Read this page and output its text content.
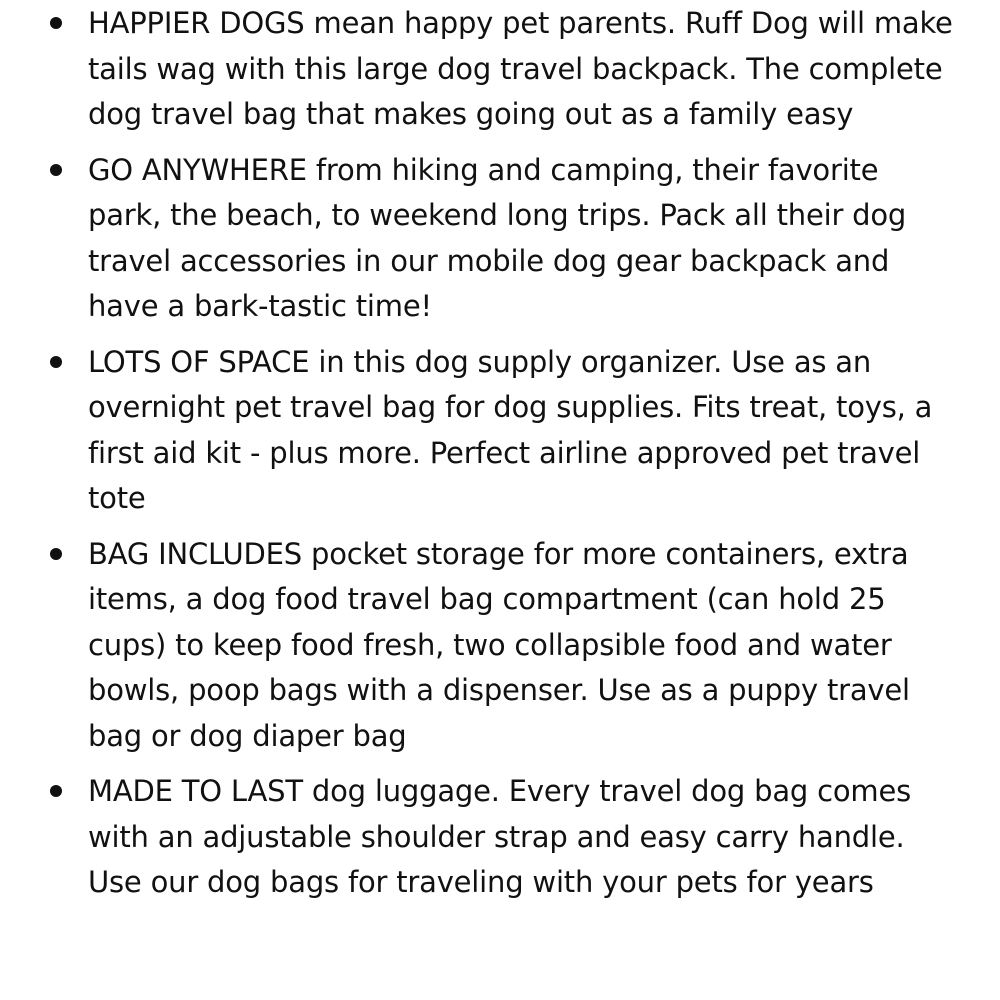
HAPPIER DOGS mean happy pet parents. Ruff Dog will make tails wag with this large dog travel backpack. The complete dog travel bag that makes going out as a family easy
GO ANYWHERE from hiking and camping, their favorite park, the beach, to weekend long trips. Pack all their dog travel accessories in our mobile dog gear backpack and have a bark-tastic time!
LOTS OF SPACE in this dog supply organizer. Use as an overnight pet travel bag for dog supplies. Fits treat, toys, a first aid kit - plus more. Perfect airline approved pet travel tote
BAG INCLUDES pocket storage for more containers, extra items, a dog food travel bag compartment (can hold 25 cups) to keep food fresh, two collapsible food and water bowls, poop bags with a dispenser. Use as a puppy travel bag or dog diaper bag
MADE TO LAST dog luggage. Every travel dog bag comes with an adjustable shoulder strap and easy carry handle. Use our dog bags for traveling with your pets for years
